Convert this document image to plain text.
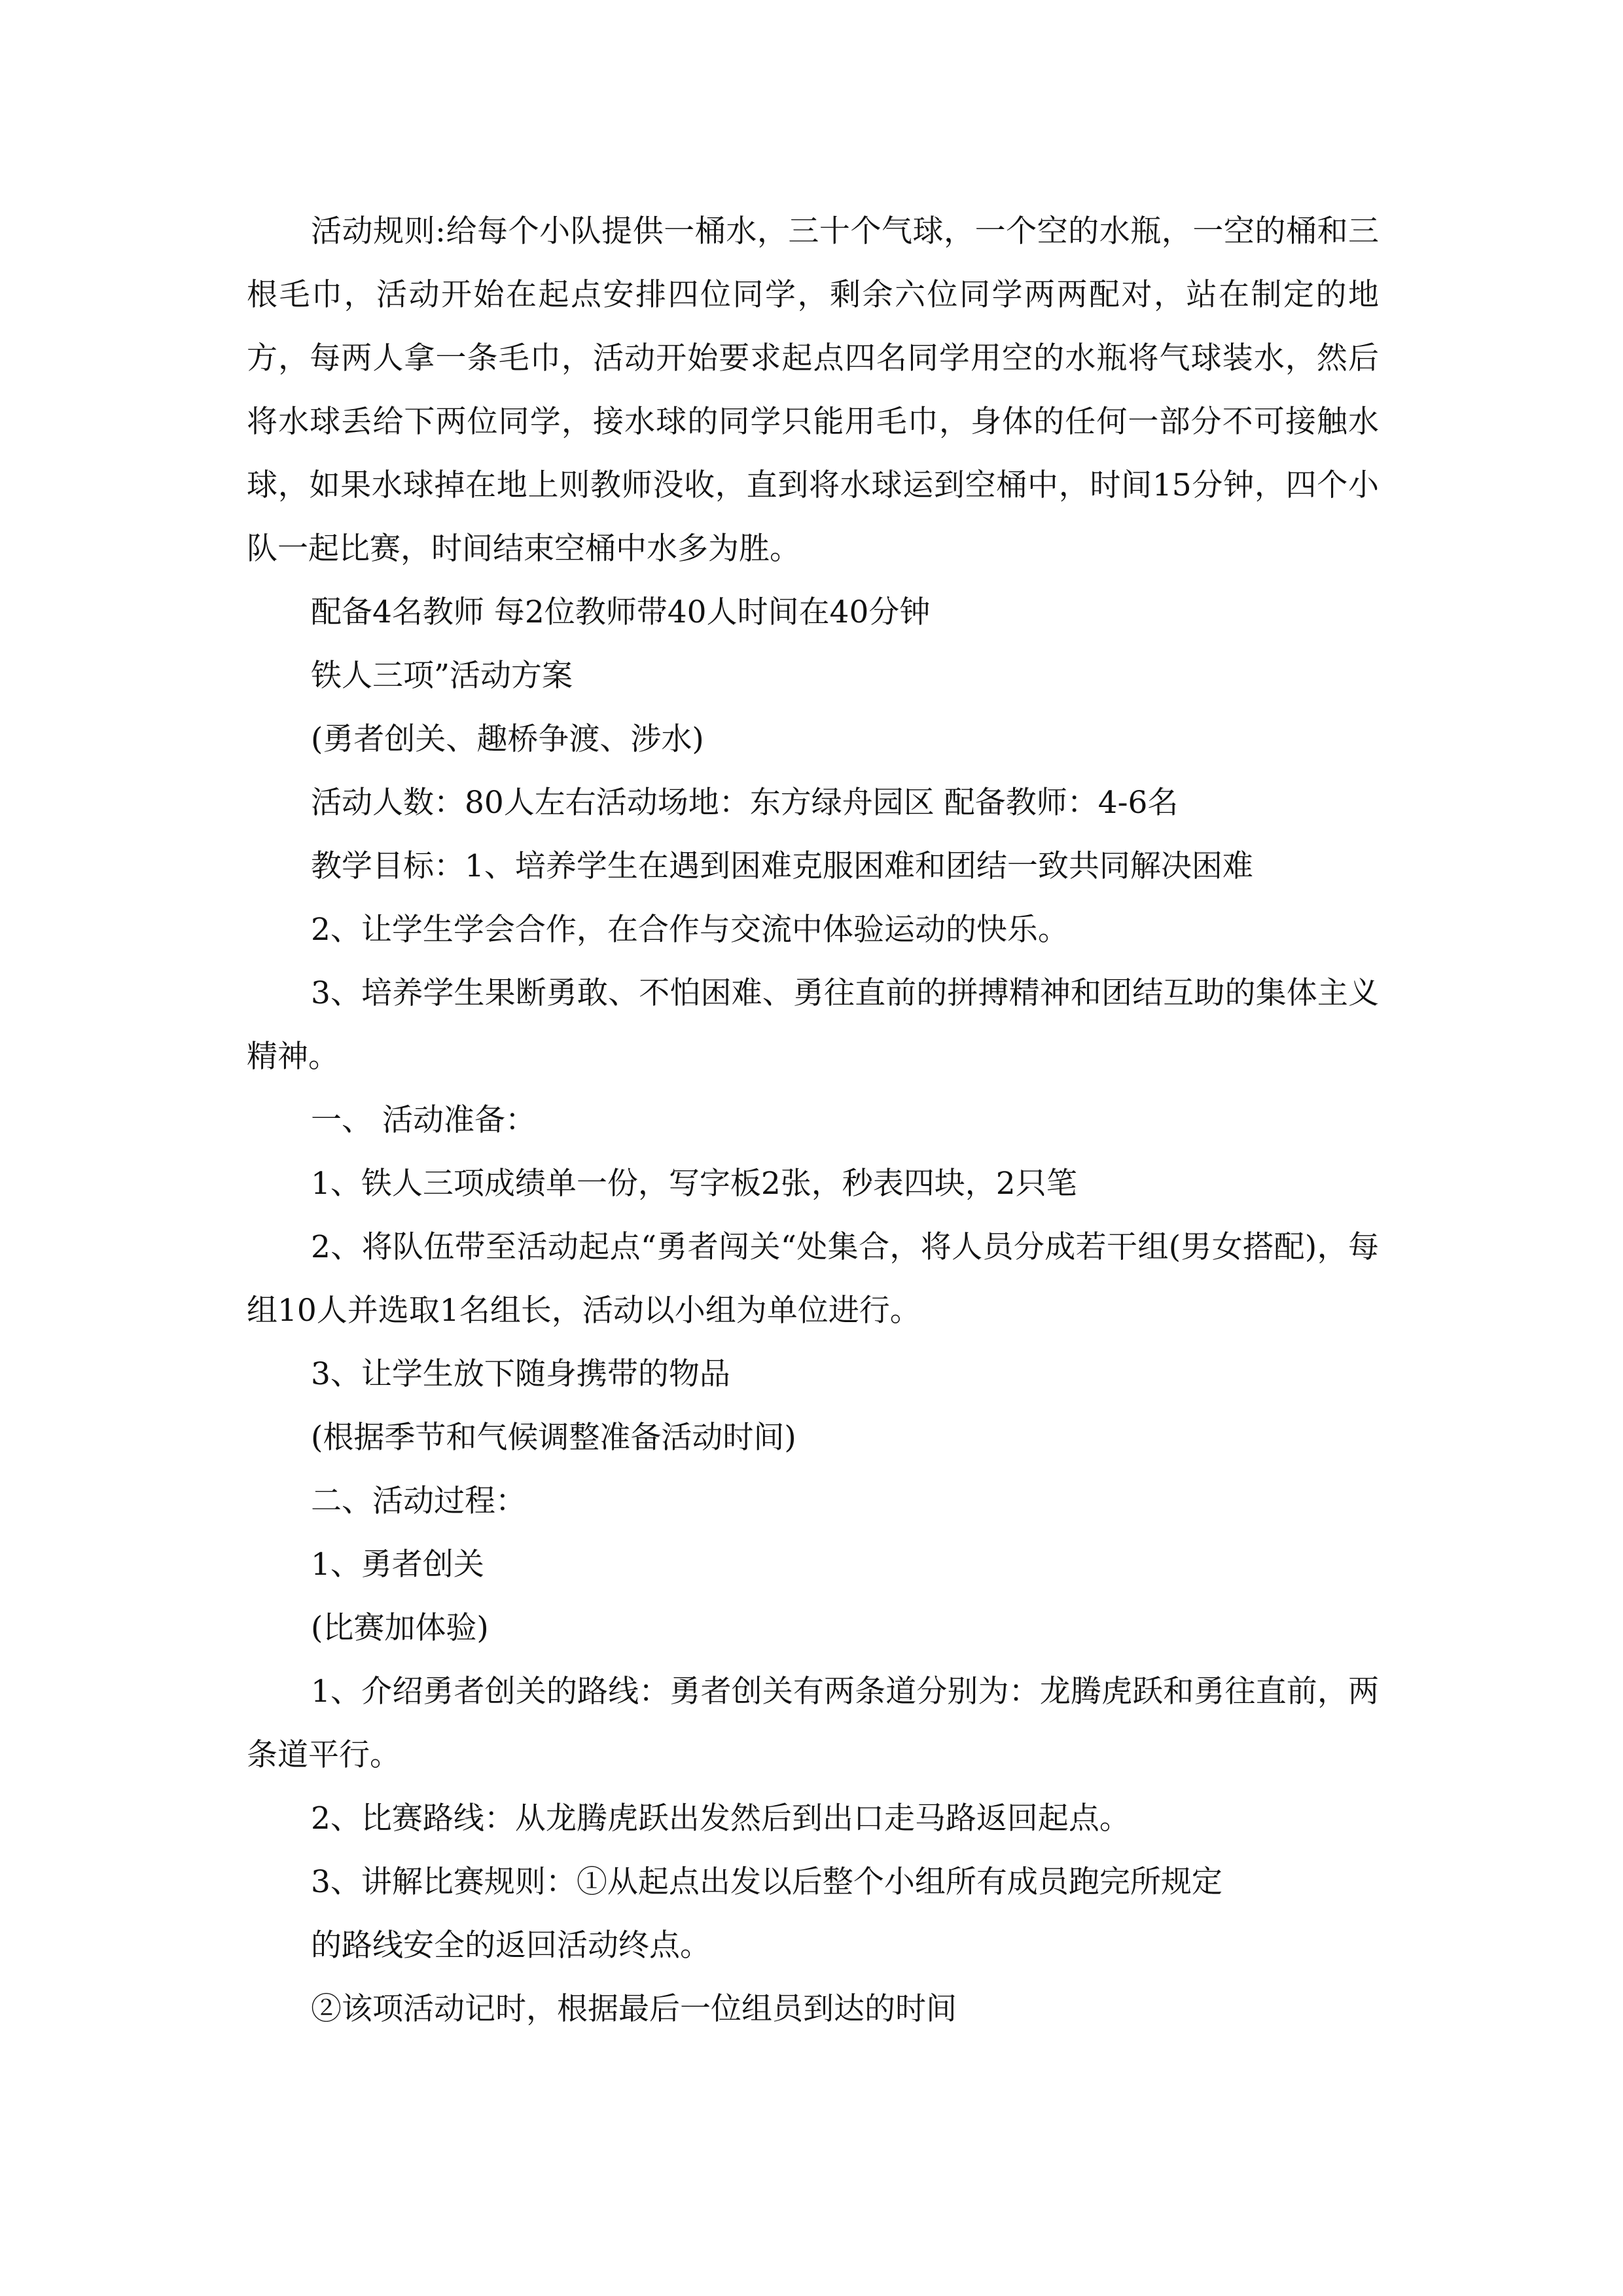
活动规则:给每个小队提供一桶水，三十个气球，一个空的水瓶，一空的桶和三根毛巾，活动开始在起点安排四位同学，剩余六位同学两两配对，站在制定的地方，每两人拿一条毛巾，活动开始要求起点四名同学用空的水瓶将气球装水，然后将水球丢给下两位同学，接水球的同学只能用毛巾，身体的任何一部分不可接触水球，如果水球掉在地上则教师没收，直到将水球运到空桶中，时间15分钟，四个小队一起比赛，时间结束空桶中水多为胜。

配备4名教师 每2位教师带40人时间在40分钟

铁人三项”活动方案

(勇者创关、趣桥争渡、涉水)

活动人数：80人左右活动场地：东方绿舟园区 配备教师：4-6名

教学目标：1、培养学生在遇到困难克服困难和团结一致共同解决困难

2、让学生学会合作，在合作与交流中体验运动的快乐。

3、培养学生果断勇敢、不怕困难、勇往直前的拼搏精神和团结互助的集体主义精神。

一、 活动准备：

1、铁人三项成绩单一份，写字板2张，秒表四块，2只笔

2、将队伍带至活动起点“勇者闯关“处集合，将人员分成若干组(男女搭配)，每组10人并选取1名组长，活动以小组为单位进行。

3、让学生放下随身携带的物品

(根据季节和气候调整准备活动时间)

二、活动过程：

1、勇者创关

(比赛加体验)

1、介绍勇者创关的路线：勇者创关有两条道分别为：龙腾虎跃和勇往直前，两条道平行。

2、比赛路线：从龙腾虎跃出发然后到出口走马路返回起点。

3、讲解比赛规则：①从起点出发以后整个小组所有成员跑完所规定

的路线安全的返回活动终点。

②该项活动记时，根据最后一位组员到达的时间
